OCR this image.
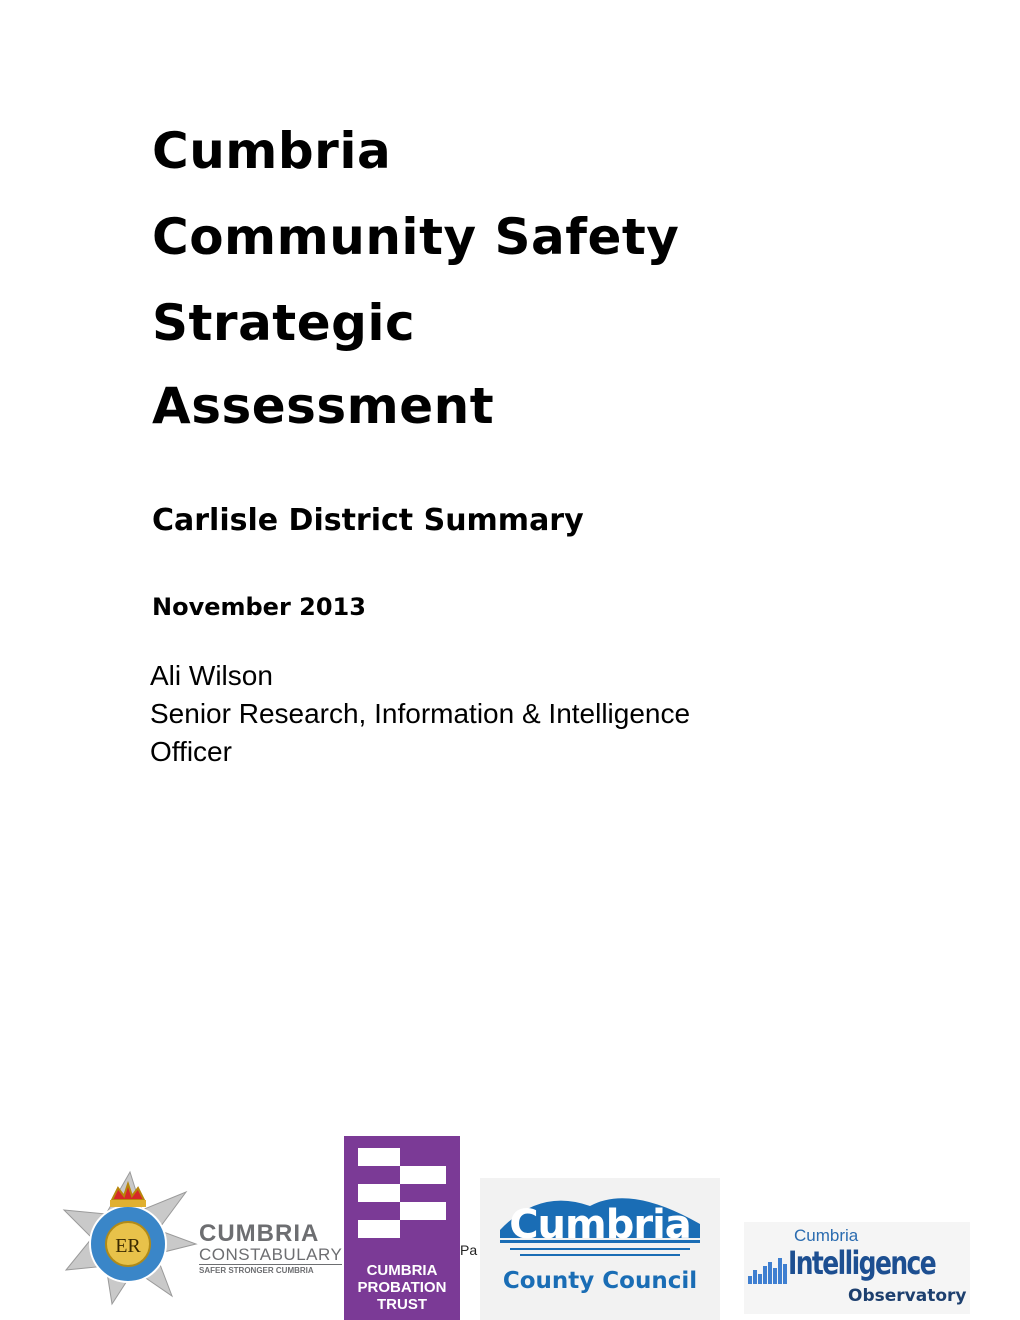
Cumbria
Community Safety
Strategic
Assessment
Carlisle District Summary
November 2013
Ali Wilson
Senior Research, Information & Intelligence
Officer
ER CUMBRIA
CONSTABULARY
SAFER STRONGER CUMBRIA	CUMBRIA
PROBATION
TRUST
Pa
Cumbria
County Council
Cumbria
Intelligence
Observatory
